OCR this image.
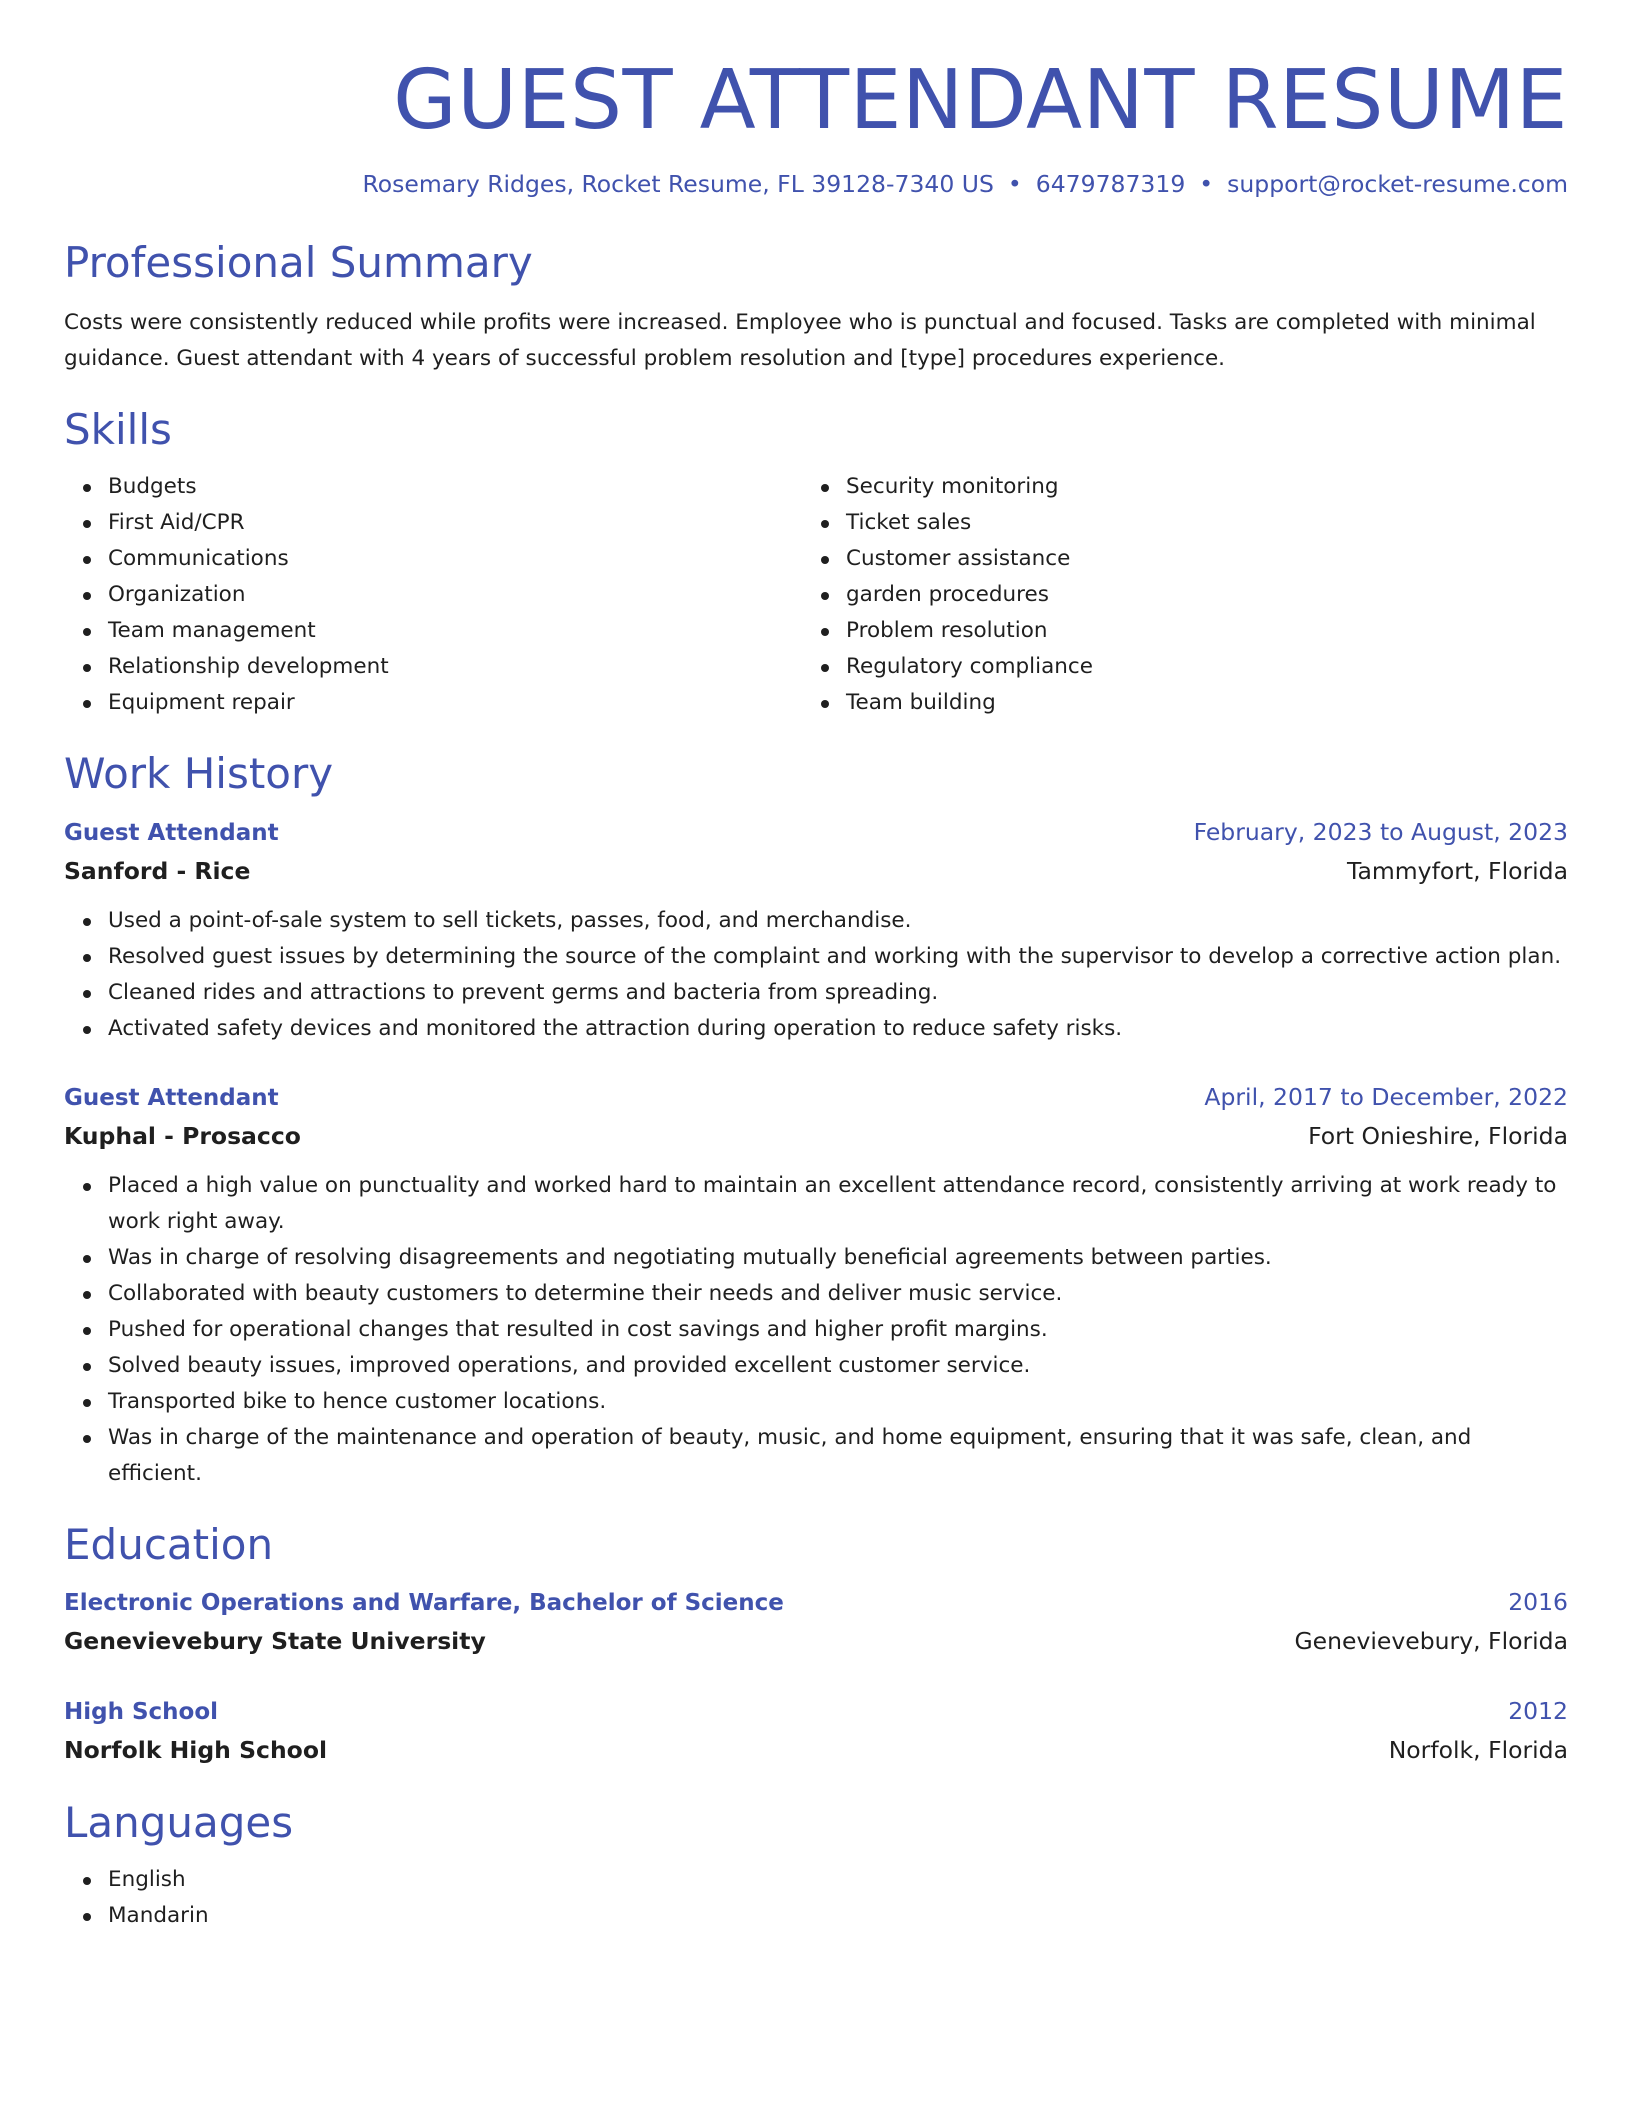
GUEST ATTENDANT RESUME
Rosemary Ridges, Rocket Resume, FL 39128-7340 US • 6479787319 • support@rocket-resume.com
Professional Summary

Costs were consistently reduced while profits were increased. Employee who is punctual and focused. Tasks are completed with minimal guidance. Guest attendant with 4 years of successful problem resolution and [type] procedures experience.

Skills
Budgets
First Aid/CPR
Communications
Organization
Team management
Relationship development
Equipment repair
Security monitoring
Ticket sales
Customer assistance
garden procedures
Problem resolution
Regulatory compliance
Team building
Work History
Guest Attendant	February, 2023 to August, 2023
Sanford - Rice	Tammyfort, Florida
Used a point-of-sale system to sell tickets, passes, food, and merchandise.
Resolved guest issues by determining the source of the complaint and working with the supervisor to develop a corrective action plan.
Cleaned rides and attractions to prevent germs and bacteria from spreading.
Activated safety devices and monitored the attraction during operation to reduce safety risks.
Guest Attendant	April, 2017 to December, 2022
Kuphal - Prosacco	Fort Onieshire, Florida
Placed a high value on punctuality and worked hard to maintain an excellent attendance record, consistently arriving at work ready to work right away.
Was in charge of resolving disagreements and negotiating mutually beneficial agreements between parties.
Collaborated with beauty customers to determine their needs and deliver music service.
Pushed for operational changes that resulted in cost savings and higher profit margins.
Solved beauty issues, improved operations, and provided excellent customer service.
Transported bike to hence customer locations.
Was in charge of the maintenance and operation of beauty, music, and home equipment, ensuring that it was safe, clean, and efficient.
Education
Electronic Operations and Warfare, Bachelor of Science	2016
Genevievebury State University	Genevievebury, Florida
High School	2012
Norfolk High School	Norfolk, Florida
Languages
English
Mandarin
